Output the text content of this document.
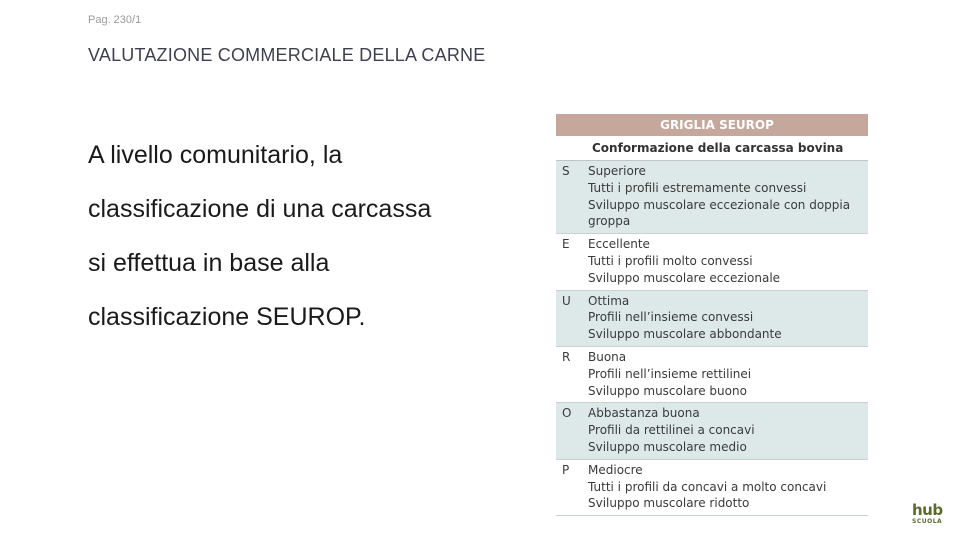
Pag. 230/1
VALUTAZIONE COMMERCIALE DELLA CARNE
A livello comunitario, la
classificazione di una carcassa
si effettua in base alla
classificazione SEUROP.
GRIGLIA SEUROP
Conformazione della carcassa bovina
S	Superiore
Tutti i profili estremamente convessi
Sviluppo muscolare eccezionale con doppia
groppa
E	Eccellente
Tutti i profili molto convessi
Sviluppo muscolare eccezionale
U	Ottima
Profili nell’insieme convessi
Sviluppo muscolare abbondante
R	Buona
Profili nell’insieme rettilinei
Sviluppo muscolare buono
O	Abbastanza buona
Profili da rettilinei a concavi
Sviluppo muscolare medio
P	Mediocre
Tutti i profili da concavi a molto concavi
Sviluppo muscolare ridotto	hub
SCUOLA
